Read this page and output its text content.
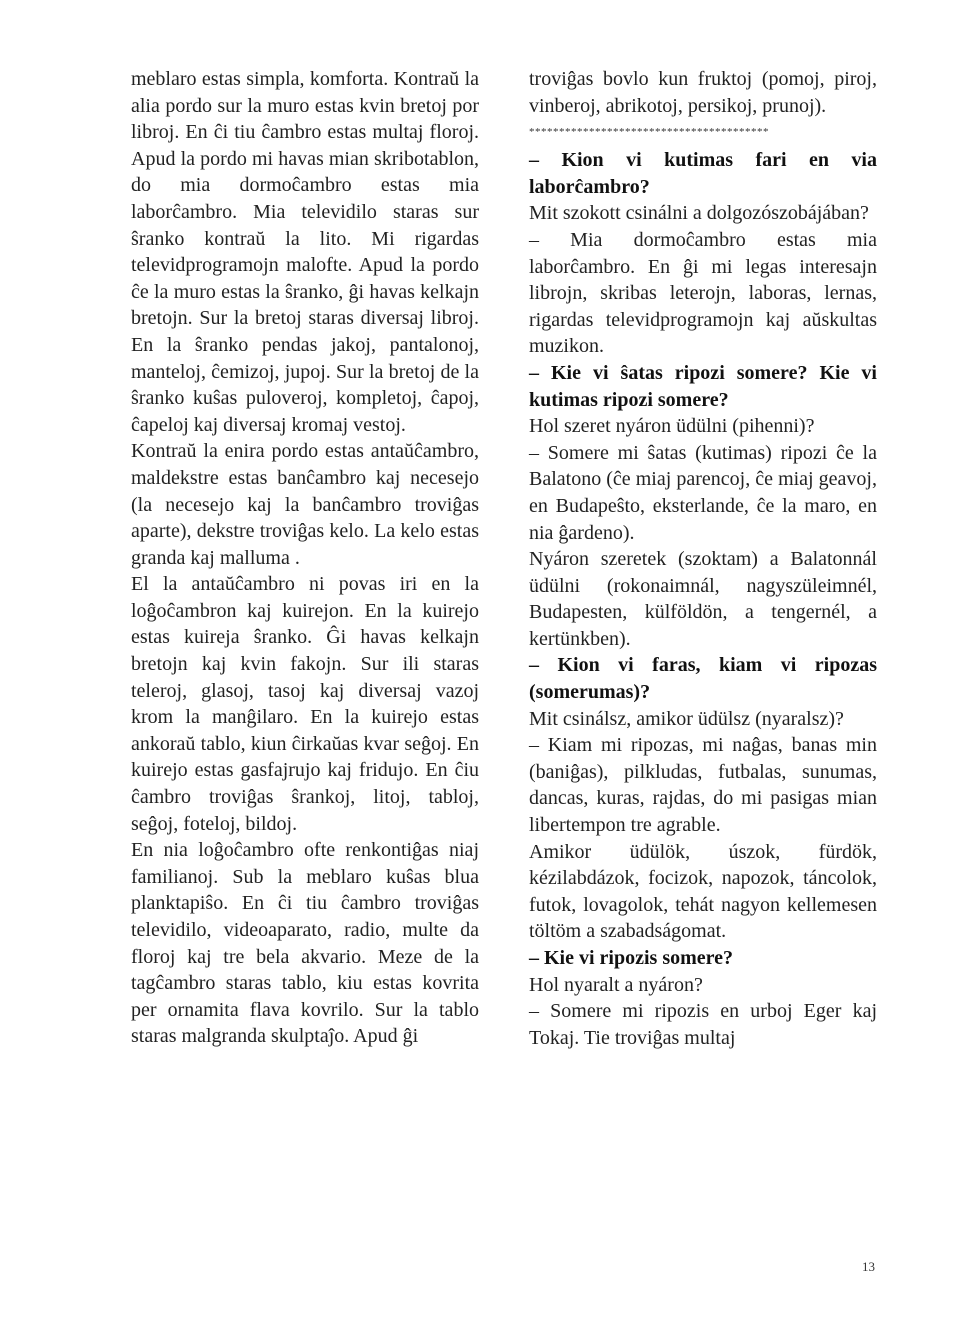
meblaro estas simpla, komforta. Kontraŭ la alia pordo sur la muro estas kvin bretoj por libroj. En ĉi tiu ĉambro estas multaj floroj. Apud la pordo mi havas mian skribotablon, do mia dormoĉambro estas mia laborĉambro. Mia televidilo staras sur ŝranko kontraŭ la lito. Mi rigardas televidprogramojn malofte. Apud la pordo ĉe la muro estas la ŝranko, ĝi havas kelkajn bretojn. Sur la bretoj staras diversaj libroj. En la ŝranko pendas jakoj, pantalonoj, manteloj, ĉemizoj, jupoj. Sur la bretoj de la ŝranko kuŝas puloveroj, kompletoj, ĉapoj, ĉapeloj kaj diversaj kromaj vestoj.

Kontraŭ la enira pordo estas antaŭĉambro, maldekstre estas banĉambro kaj necesejo (la necesejo kaj la banĉambro troviĝas aparte), dekstre troviĝas kelo. La kelo estas granda kaj malluma .

El la antaŭĉambro ni povas iri en la loĝoĉambron kaj kuirejon. En la kuirejo estas kuireja ŝranko. Ĝi havas kelkajn bretojn kaj kvin fakojn. Sur ili staras teleroj, glasoj, tasoj kaj diversaj vazoj krom la manĝilaro. En la kuirejo estas ankoraŭ tablo, kiun ĉirkaŭas kvar seĝoj. En kuirejo estas gasfajrujo kaj fridujo. En ĉiu ĉambro troviĝas ŝrankoj, litoj, tabloj, seĝoj, foteloj, bildoj.

En nia loĝoĉambro ofte renkontiĝas niaj familianoj. Sub la meblaro kuŝas blua planktapiŝo. En ĉi tiu ĉambro troviĝas televidilo, videoaparato, radio, multe da floroj kaj tre bela akvario. Meze de la tagĉambro staras tablo, kiu estas kovrita per ornamita flava kovrilo. Sur la tablo staras malgranda skulptaĵo. Apud ĝi

troviĝas bovlo kun fruktoj (pomoj, piroj, vinberoj, abrikotoj, persikoj, prunoj).

****************************************

– Kion vi kutimas fari en via laborĉambro?

Mit szokott csinálni a dolgozószobájában?

– Mia dormoĉambro estas mia laborĉambro. En ĝi mi legas interesajn librojn, skribas leterojn, laboras, lernas, rigardas televidprogramojn kaj aŭskultas muzikon.

– Kie vi ŝatas ripozi somere? Kie vi kutimas ripozi somere?

Hol szeret nyáron üdülni (pihenni)?

– Somere mi ŝatas (kutimas) ripozi ĉe la Balatono (ĉe miaj parencoj, ĉe miaj geavoj, en Budapeŝto, eksterlande, ĉe la maro, en nia ĝardeno).

Nyáron szeretek (szoktam) a Balatonnál üdülni (rokonaimnál, nagyszüleimnél, Budapesten, külföldön, a tengernél, a kertünkben).

– Kion vi faras, kiam vi ripozas (somerumas)?

Mit csinálsz, amikor üdülsz (nyaralsz)?

– Kiam mi ripozas, mi naĝas, banas min (baniĝas), pilkludas, futbalas, sunumas, dancas, kuras, rajdas, do mi pasigas mian libertempon tre agrable.

Amikor üdülök, úszok, fürdök, kézilabdázok, focizok, napozok, táncolok, futok, lovagolok, tehát nagyon kellemesen töltöm a szabadságomat.

– Kie vi ripozis somere?

Hol nyaralt a nyáron?

– Somere mi ripozis en urboj Eger kaj Tokaj. Tie troviĝas multaj

13
